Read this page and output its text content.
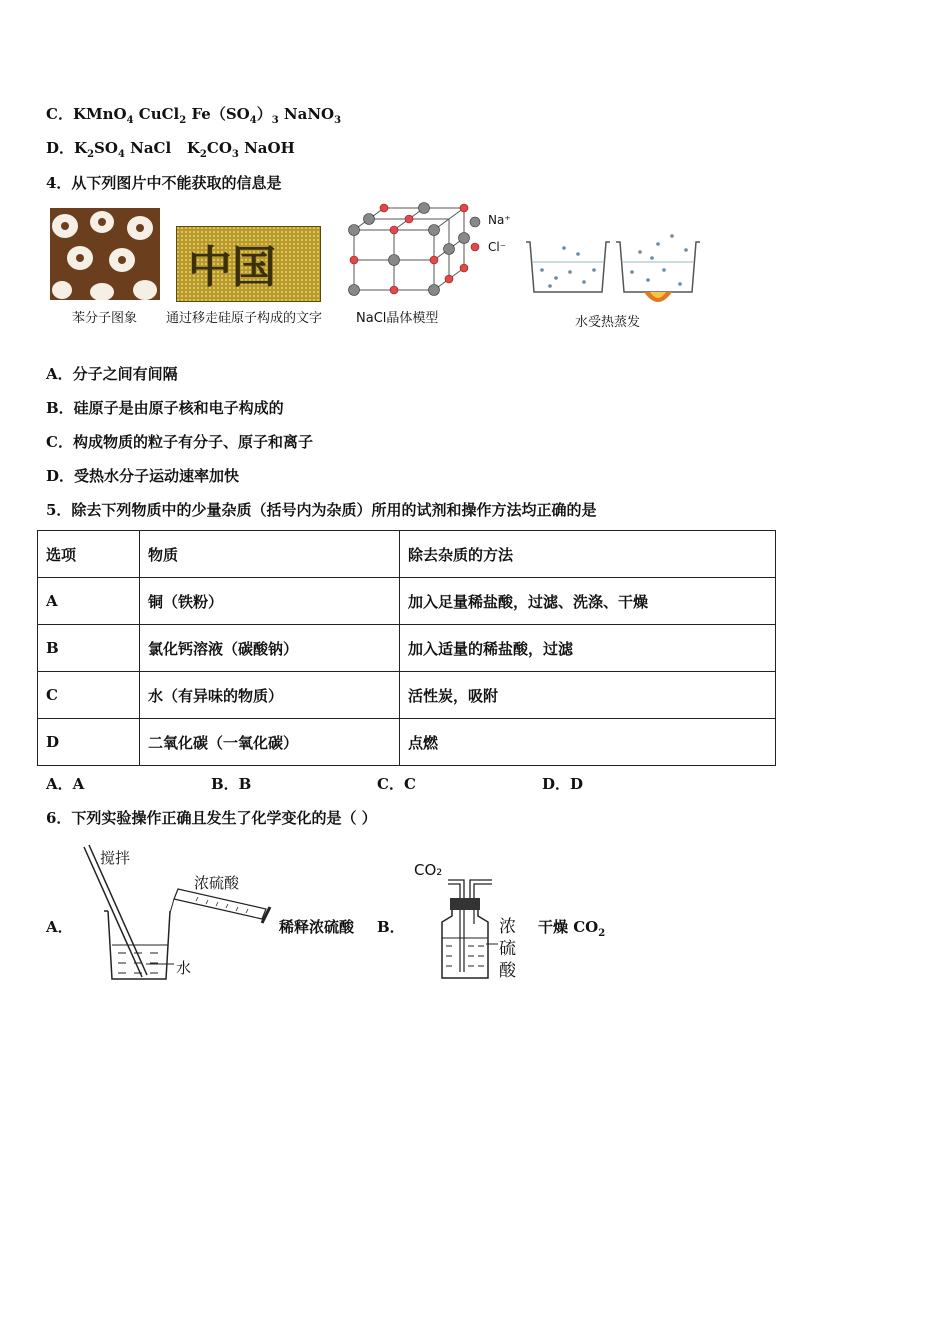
C．KMnO$_4$ CuCl$_2$ $Fe(SO_4)_3$ NaNO$_3$
D．$K_2SO_4$ NaCl   $K_2CO_3$ NaOH
4．从下列图片中不能获取的信息是
苯分子图象
中国
通过移走硅原子构成的文字
Na⁺
Cl⁻
NaCl晶体模型	水受热蒸发
A．分子之间有间隔
B．硅原子是由原子核和电子构成的
C．构成物质的粒子有分子、原子和离子
D．受热水分子运动速率加快
5．除去下列物质中的少量杂质（括号内为杂质）所用的试剂和操作方法均正确的是
选项	物质	除去杂质的方法
A	铜（铁粉）	加入足量稀盐酸，过滤、洗涤、干燥
B	氯化钙溶液（碳酸钠）	加入适量的稀盐酸，过滤
C	水（有异味的物质）	活性炭，吸附
D	二氧化碳（一氧化碳）	点燃
A．A	B．B	C．C	D．D
6．下列实验操作正确且发生了化学变化的是（ ）
A．
搅拌
浓硫酸
水
稀释浓硫酸 B．
CO₂
浓
硫
酸
干燥 $CO_2$
